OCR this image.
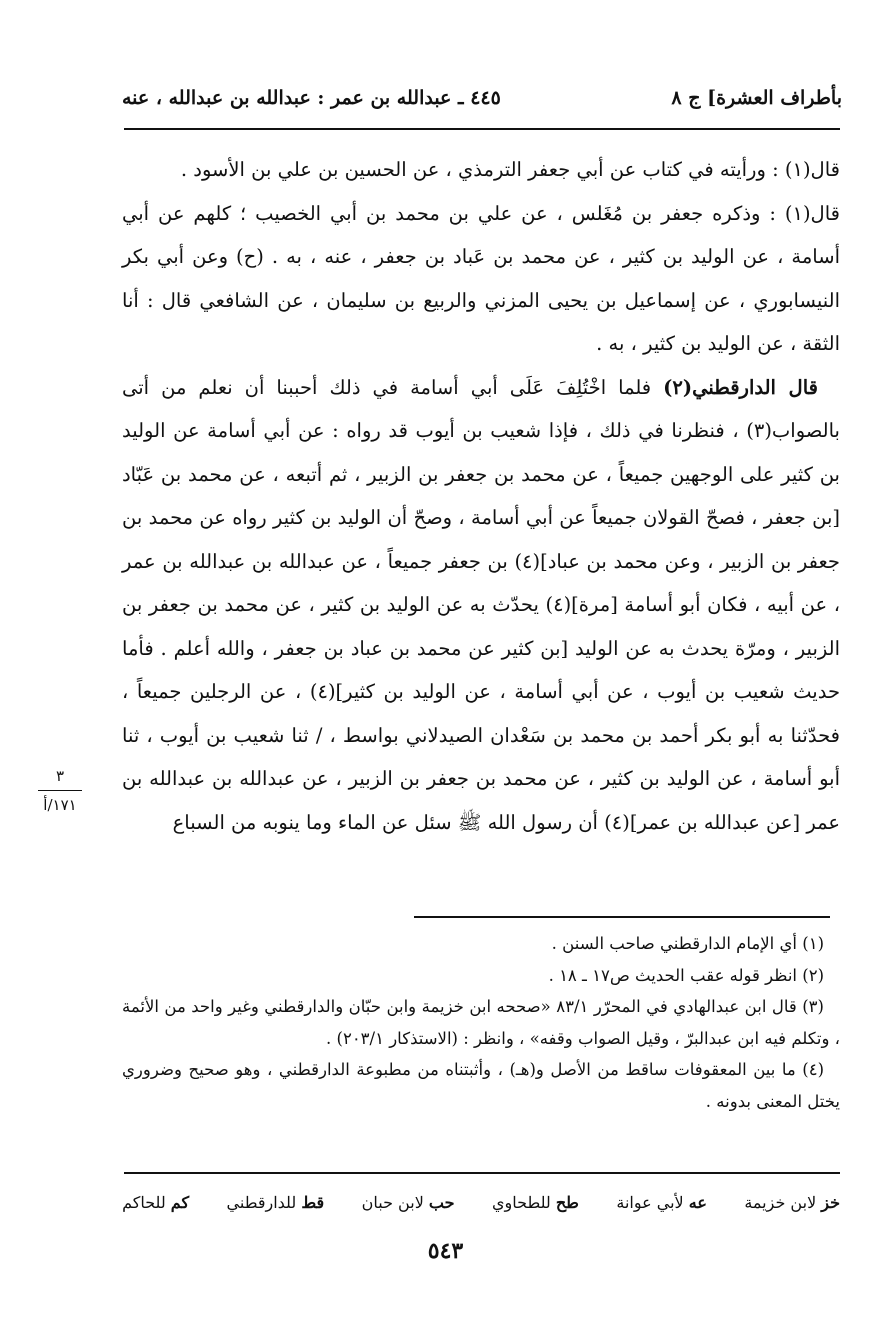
بأطراف العشرة] ج ٨
٤٤٥ ـ عبدالله بن عمر : عبدالله بن عبدالله ، عنه

قال(١) : ورأيته في كتاب عن أبي جعفر الترمذي ، عن الحسين بن علي بن الأسود .

قال(١) : وذكره جعفر بن مُغَلس ، عن علي بن محمد بن أبي الخصيب ؛ كلهم عن أبي أسامة ، عن الوليد بن كثير ، عن محمد بن عَباد بن جعفر ، عنه ، به . (ح) وعن أبي بكر النيسابوري ، عن إسماعيل بن يحيى المزني والربيع بن سليمان ، عن الشافعي قال : أنا الثقة ، عن الوليد بن كثير ، به .

قال الدارقطني(٢) فلما اخْتُلِفَ عَلَى أبي أسامة في ذلك أحببنا أن نعلم من أتى بالصواب(٣) ، فنظرنا في ذلك ، فإذا شعيب بن أيوب قد رواه : عن أبي أسامة عن الوليد بن كثير على الوجهين جميعاً ، عن محمد بن جعفر بن الزبير ، ثم أتبعه ، عن محمد بن عَبّاد [بن جعفر ، فصحّ القولان جميعاً عن أبي أسامة ، وصحّ أن الوليد بن كثير رواه عن محمد بن جعفر بن الزبير ، وعن محمد بن عباد](٤) بن جعفر جميعاً ، عن عبدالله بن عبدالله بن عمر ، عن أبيه ، فكان أبو أسامة [مرة](٤) يحدّث به عن الوليد بن كثير ، عن محمد بن جعفر بن الزبير ، ومرّة يحدث به عن الوليد [بن كثير عن محمد بن عباد بن جعفر ، والله أعلم . فأما حديث شعيب بن أيوب ، عن أبي أسامة ، عن الوليد بن كثير](٤) ، عن الرجلين جميعاً ، فحدّثنا به أبو بكر أحمد بن محمد بن سَعْدان الصيدلاني بواسط ، / ثنا شعيب بن أيوب ، ثنا أبو أسامة ، عن الوليد بن كثير ، عن محمد بن جعفر بن الزبير ، عن عبدالله بن عبدالله بن عمر [عن عبدالله بن عمر](٤) أن رسول الله ﷺ سئل عن الماء وما ينوبه من السباع

٣
١٧١/أ

(١) أي الإمام الدارقطني صاحب السنن .

(٢) انظر قوله عقب الحديث ص١٧ ـ ١٨ .

(٣) قال ابن عبدالهادي في المحرّر ٨٣/١ «صححه ابن خزيمة وابن حبّان والدارقطني وغير واحد من الأئمة ، وتكلم فيه ابن عبدالبرّ ، وقيل الصواب وقفه» ، وانظر : (الاستذكار ٢٠٣/١) .

(٤) ما بين المعقوفات ساقط من الأصل و(هـ) ، وأثبتناه من مطبوعة الدارقطني ، وهو صحيح وضروري يختل المعنى بدونه .

خز لابن خزيمة
عه لأبي عوانة
طح للطحاوي
حب لابن حبان
قط للدارقطني
كم للحاكم
٥٤٣
